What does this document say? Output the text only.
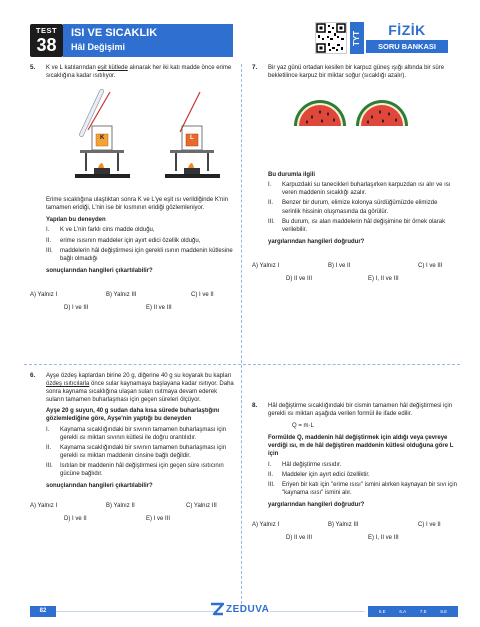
TEST
38
ISI VE SICAKLIK
Hâl Değişimi
TYT
FİZİK
SORU BANKASI
5. K ve L katılarından eşit kütlede alınarak her iki katı madde önce erime sıcaklığına kadar ısıtılıyor.
K	L
Erime sıcaklığına ulaştıktan sonra K ve L'ye eşit ısı verildiğinde K'nin tamamen eridiği, L'nin ise bir kısmının eridiği gözlemleniyor.
Yapılan bu deneyden
I.	K ve L'nin farklı cins madde olduğu,
II.	erime ısısının maddeler için ayırt edici özellik olduğu,
III.	maddelerin hâl değiştirmesi için gerekli ısının maddenin kütlesine bağlı olmadığı
sonuçlarından hangileri çıkartılabilir?
A) Yalnız I	B) Yalnız III	C) I ve II
D) I ve III	E) II ve III
7. Bir yaz günü ortadan kesilen bir karpuz güneş ışığı altında bir süre bekletilince karpuz bir miktar soğur (sıcaklığı azalır).
Bu durumla ilgili
I.	Karpuzdaki su tanecikleri buharlaşırken karpuzdan ısı alır ve ısı veren maddenin sıcaklığı azalır.
II.	Benzer bir durum, elimize kolonya sürdüğümüzde elimizde serinlik hissinin oluşmasında da görülür.
III.	Bu durum, ısı alan maddelerin hâl değişimine bir örnek olarak verilebilir.
yargılarından hangileri doğrudur?
A) Yalnız I	B) I ve II	C) I ve III
D) II ve III	E) I, II ve III
6. Ayşe özdeş kaplardan birine 20 g, diğerine 40 g su koyarak bu kapları özdeş ısıtıcılarla önce sular kaynamaya başlayana kadar ısıtıyor. Daha sonra kaynama sıcaklığına ulaşan suları ısıtmaya devam ederek suların tamamen buharlaşması için geçen süreleri ölçüyor.
Ayşe 20 g suyun, 40 g sudan daha kısa sürede buharlaştığını gözlemlediğine göre, Ayşe'nin yaptığı bu deneyden
I.	Kaynama sıcaklığındaki bir sıvının tamamen buharlaşması için gerekli ısı miktarı sıvının kütlesi ile doğru orantılıdır.
II.	Kaynama sıcaklığındaki bir sıvının tamamen buharlaşması için gerekli ısı miktarı maddenin cinsine bağlı değildir.
III.	Isıtılan bir maddenin hâl değiştirmesi için geçen süre ısıtıcının gücüne bağlıdır.
sonuçlarından hangileri çıkartılabilir?
A) Yalnız I	B) Yalnız II	C) Yalnız III
D) I ve II	E) I ve III
8. Hâl değiştirme sıcaklığındaki bir cismin tamamen hâl değiştirmesi için gerekli ısı miktarı aşağıda verilen formül ile ifade edilir.
Q = m·L
Formülde Q, maddenin hâl değiştirmek için aldığı veya çevreye verdiği ısı, m de hâl değiştiren maddenin kütlesi olduğuna göre L için
I.	Hâl değiştirme ısısıdır.
II.	Maddeler için ayırt edici özelliktir.
III.	Eriyen bir katı için "erime ısısı" ismini alırken kaynayan bir sıvı için "kaynama ısısı" ismini alır.
yargılarından hangileri doğrudur?
A) Yalnız I	B) Yalnız III	C) I ve II
D) II ve III	E) I, II ve III
82	ZEDUVA	5.E	6.A	7.E	8.E
